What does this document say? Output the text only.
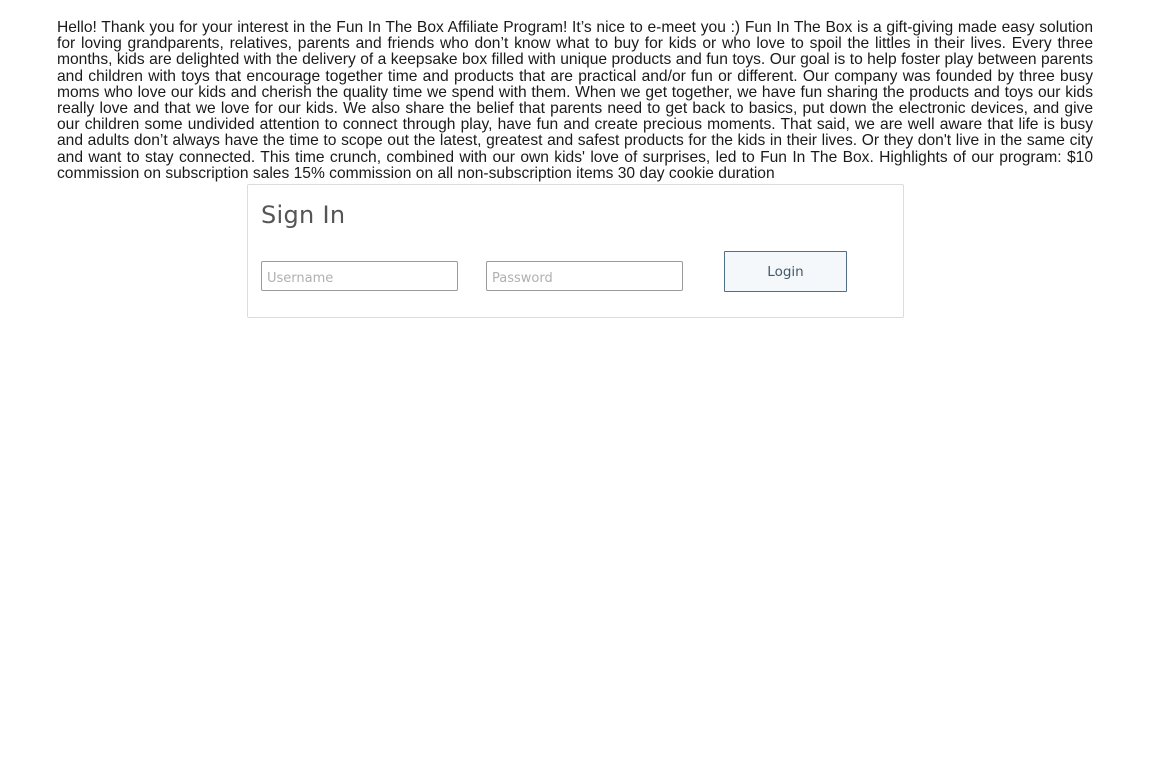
Hello! Thank you for your interest in the Fun In The Box Affiliate Program! It’s nice to e-meet you :) Fun In The Box is a gift-giving made easy solution for loving grandparents, relatives, parents and friends who don’t know what to buy for kids or who love to spoil the littles in their lives. Every three months, kids are delighted with the delivery of a keepsake box filled with unique products and fun toys. Our goal is to help foster play between parents and children with toys that encourage together time and products that are practical and/or fun or different. Our company was founded by three busy moms who love our kids and cherish the quality time we spend with them. When we get together, we have fun sharing the products and toys our kids really love and that we love for our kids. We also share the belief that parents need to get back to basics, put down the electronic devices, and give our children some undivided attention to connect through play, have fun and create precious moments. That said, we are well aware that life is busy and adults don’t always have the time to scope out the latest, greatest and safest products for the kids in their lives. Or they don't live in the same city and want to stay connected. This time crunch, combined with our own kids' love of surprises, led to Fun In The Box. Highlights of our program: $10 commission on subscription sales 15% commission on all non-subscription items 30 day cookie duration

Sign In
Username
Login
